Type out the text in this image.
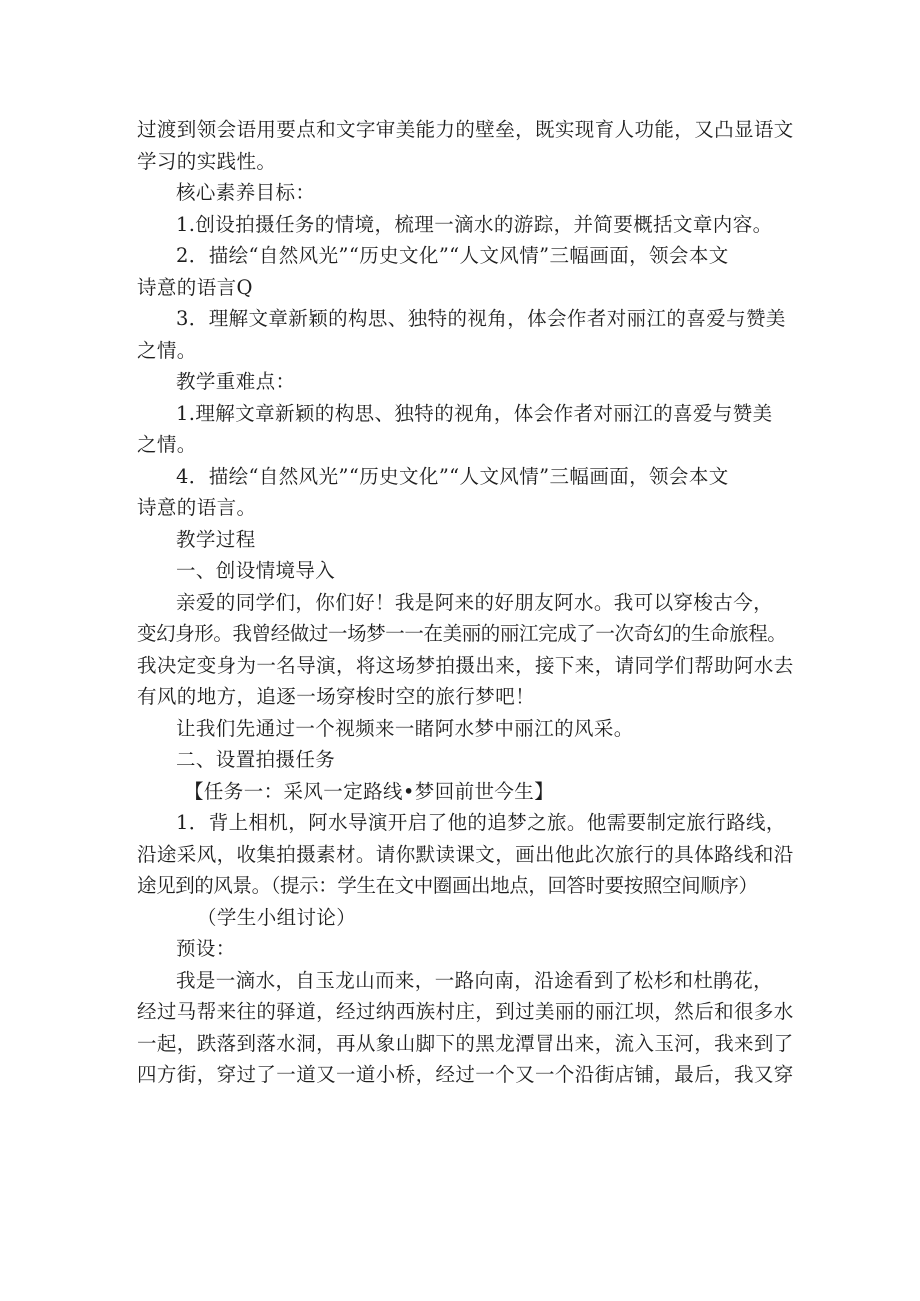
过渡到领会语用要点和文字审美能力的壁垒，既实现育人功能，又凸显语文

学习的实践性。

核心素养目标：

1.创设拍摄任务的情境，梳理一滴水的游踪，并简要概括文章内容。

2．描绘“自然风光”“历史文化”“人文风情”三幅画面，领会本文

诗意的语言Q

3．理解文章新颖的构思、独特的视角，体会作者对丽江的喜爱与赞美

之情。

教学重难点：

1.理解文章新颖的构思、独特的视角，体会作者对丽江的喜爱与赞美

之情。

4．描绘“自然风光”“历史文化”“人文风情”三幅画面，领会本文

诗意的语言。

教学过程

一、创设情境导入

亲爱的同学们，你们好！我是阿来的好朋友阿水。我可以穿梭古今，

变幻身形。我曾经做过一场梦一一在美丽的丽江完成了一次奇幻的生命旅程。

我决定变身为一名导演，将这场梦拍摄出来，接下来，请同学们帮助阿水去

有风的地方，追逐一场穿梭时空的旅行梦吧！

让我们先通过一个视频来一睹阿水梦中丽江的风采。

二、设置拍摄任务

【任务一：采风一定路线•梦回前世今生】

1．背上相机，阿水导演开启了他的追梦之旅。他需要制定旅行路线，

沿途采风，收集拍摄素材。请你默读课文，画出他此次旅行的具体路线和沿

途见到的风景。（提示：学生在文中圈画出地点，回答时要按照空间顺序）

（学生小组讨论）

预设：

我是一滴水，自玉龙山而来，一路向南，沿途看到了松杉和杜鹃花，

经过马帮来往的驿道，经过纳西族村庄，到过美丽的丽江坝，然后和很多水

一起，跌落到落水洞，再从象山脚下的黑龙潭冒出来，流入玉河，我来到了

四方街，穿过了一道又一道小桥，经过一个又一个沿街店铺，最后，我又穿
